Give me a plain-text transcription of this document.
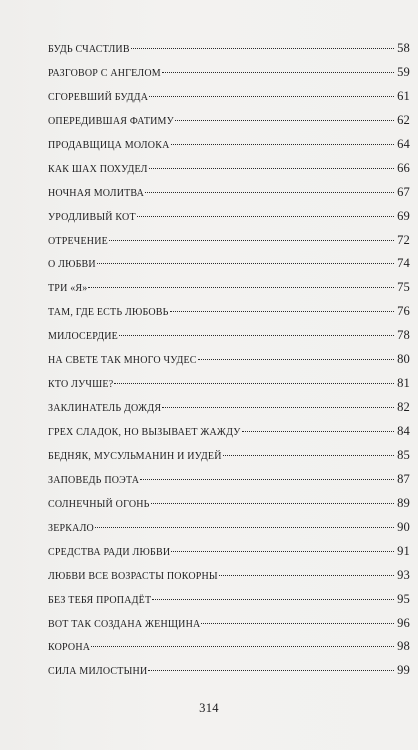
БУДЬ СЧАСТЛИВ	58
РАЗГОВОР С АНГЕЛОМ	59
СГОРЕВШИЙ БУДДА	61
ОПЕРЕДИВШАЯ ФАТИМУ	62
ПРОДАВЩИЦА МОЛОКА	64
КАК ШАХ ПОХУДЕЛ	66
НОЧНАЯ МОЛИТВА	67
УРОДЛИВЫЙ КОТ	69
ОТРЕЧЕНИЕ	72
О ЛЮБВИ	74
ТРИ «Я»	75
ТАМ, ГДЕ ЕСТЬ ЛЮБОВЬ	76
МИЛОСЕРДИЕ	78
НА СВЕТЕ ТАК МНОГО ЧУДЕС	80
КТО ЛУЧШЕ?	81
ЗАКЛИНАТЕЛЬ ДОЖДЯ	82
ГРЕХ СЛАДОК, НО ВЫЗЫВАЕТ ЖАЖДУ	84
БЕДНЯК, МУСУЛЬМАНИН И ИУДЕЙ	85
ЗАПОВЕДЬ ПОЭТА	87
СОЛНЕЧНЫЙ ОГОНЬ	89
ЗЕРКАЛО	90
СРЕДСТВА РАДИ ЛЮБВИ	91
ЛЮБВИ ВСЕ ВОЗРАСТЫ ПОКОРНЫ	93
БЕЗ ТЕБЯ ПРОПАДЁТ	95
ВОТ ТАК СОЗДАНА ЖЕНЩИНА	96
КОРОНА	98
СИЛА МИЛОСТЫНИ	99
314
